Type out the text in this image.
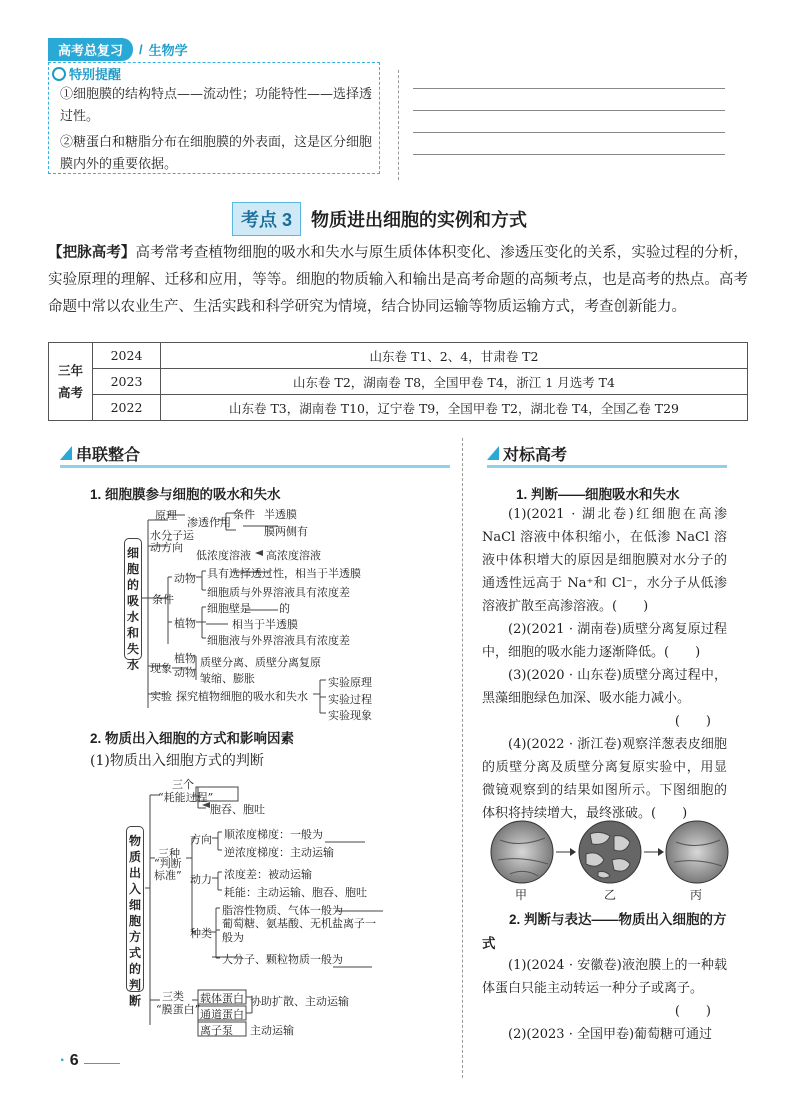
高考总复习	/ 生物学
特别提醒
①细胞膜的结构特点——流动性；功能特性——选择透过性。
②糖蛋白和糖脂分布在细胞膜的外表面，这是区分细胞膜内外的重要依据。
考点 3	物质进出细胞的实例和方式
【把脉高考】高考常考查植物细胞的吸水和失水与原生质体体积变化、渗透压变化的关系，实验过程的分析，实验原理的理解、迁移和应用，等等。细胞的物质输入和输出是高考命题的高频考点，也是高考的热点。高考命题中常以农业生产、生活实践和科学研究为情境，结合协同运输等物质运输方式，考查创新能力。
三年
高考	2024	山东卷 T1、2、4，甘肃卷 T2
	2023	山东卷 T2，湖南卷 T8，全国甲卷 T4，浙江 1 月选考 T4
	2022	山东卷 T3，湖南卷 T10，辽宁卷 T9，全国甲卷 T2，湖北卷 T4，全国乙卷 T29
串联整合	对标高考
1. 细胞膜参与细胞的吸水和失水
细胞的吸水和失水
原理
渗透作用
条件 半透膜
膜两侧有
水分子运动方向
低浓度溶液 高浓度溶液
条件
动物 具有选择透过性，相当于半透膜
细胞质与外界溶液具有浓度差
植物
细胞壁是	的
相当于半透膜
细胞液与外界溶液具有浓度差
现象
植物
动物
质壁分离、质壁分离复原
皱缩、膨胀
实验 探究植物细胞的吸水和失水
实验原理
实验过程
实验现象
2. 物质出入细胞的方式和影响因素
(1)物质出入细胞方式的判断
物质出入细胞方式的判断
三个
“耗能过程”
胞吞、胞吐
三种
“判断标准”
方向 顺浓度梯度：一般为
逆浓度梯度：主动运输
动力 浓度差：被动运输
耗能：主动运输、胞吞、胞吐
种类
脂溶性物质、气体一般为
葡萄糖、氨基酸、无机盐离子一般为
大分子、颗粒物质一般为
三类
“膜蛋白”
载体蛋白 协助扩散、主动运输
通道蛋白
离子泵 主动运输
1. 判断——细胞吸水和失水
(1)(2021 · 湖北卷)红细胞在高渗 NaCl 溶液中体积缩小，在低渗 NaCl 溶液中体积增大的原因是细胞膜对水分子的通透性远高于 Na⁺和 Cl⁻，水分子从低渗溶液扩散至高渗溶液。(　　)
(2)(2021 · 湖南卷)质壁分离复原过程中，细胞的吸水能力逐渐降低。(　　)
(3)(2020 · 山东卷)质壁分离过程中，黑藻细胞绿色加深、吸水能力减小。
(　　)
(4)(2022 · 浙江卷)观察洋葱表皮细胞的质壁分离及质壁分离复原实验中，用显微镜观察到的结果如图所示。下图细胞的体积将持续增大，最终涨破。(　　)
甲	乙	丙
2. 判断与表达——物质出入细胞的方式
(1)(2024 · 安徽卷)液泡膜上的一种载体蛋白只能主动转运一种分子或离子。
(　　)
(2)(2023 · 全国甲卷)葡萄糖可通过
· 6
